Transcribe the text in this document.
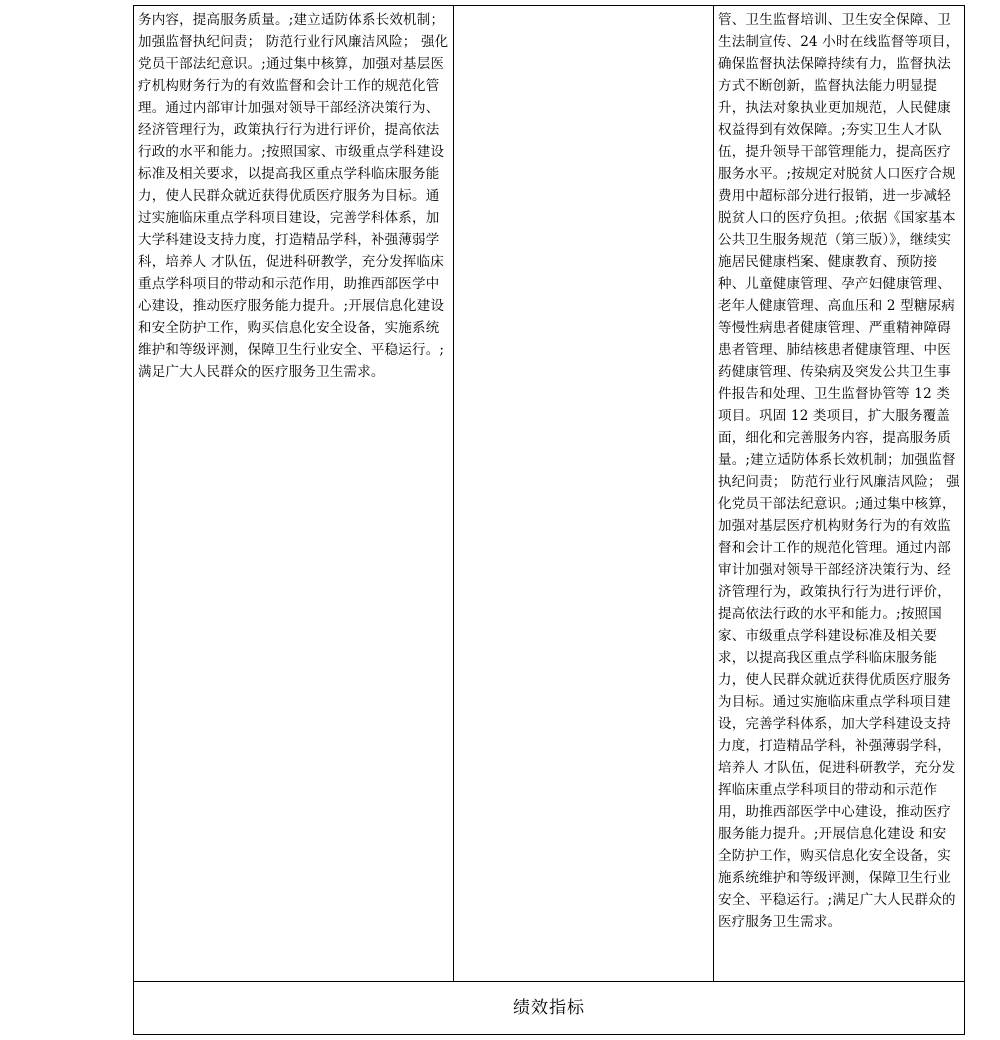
务内容，提高服务质量。;建立适防体系长效机制；加强监督执纪问责； 防范行业行风廉洁风险； 强化党员干部法纪意识。;通过集中核算，加强对基层医疗机构财务行为的有效监督和会计工作的规范化管理。通过内部审计加强对领导干部经济决策行为、经济管理行为，政策执行行为进行评价，提高依法行政的水平和能力。;按照国家、市级重点学科建设标准及相关要求，以提高我区重点学科临床服务能力，使人民群众就近获得优质医疗服务为目标。通过实施临床重点学科项目建设，完善学科体系，加大学科建设支持力度，打造精品学科，补强薄弱学科，培养人 才队伍，促进科研教学，充分发挥临床重点学科项目的带动和示范作用，助推西部医学中心建设，推动医疗服务能力提升。;开展信息化建设 和安全防护工作，购买信息化安全设备，实施系统维护和等级评测，保障卫生行业安全、平稳运行。;满足广大人民群众的医疗服务卫生需求。

管、卫生监督培训、卫生安全保障、卫生法制宣传、24 小时在线监督等项目，确保监督执法保障持续有力，监督执法方式不断创新，监督执法能力明显提升，执法对象执业更加规范，人民健康权益得到有效保障。;夯实卫生人才队伍，提升领导干部管理能力，提高医疗服务水平。;按规定对脱贫人口医疗合规费用中超标部分进行报销，进一步减轻脱贫人口的医疗负担。;依据《国家基本公共卫生服务规范（第三版）》，继续实施居民健康档案、健康教育、预防接种、儿童健康管理、孕产妇健康管理、老年人健康管理、高血压和 2 型糖尿病等慢性病患者健康管理、严重精神障碍患者管理、肺结核患者健康管理、中医药健康管理、传染病及突发公共卫生事件报告和处理、卫生监督协管等 12 类项目。巩固 12 类项目，扩大服务覆盖面，细化和完善服务内容，提高服务质量。;建立适防体系长效机制；加强监督执纪问责； 防范行业行风廉洁风险； 强化党员干部法纪意识。;通过集中核算，加强对基层医疗机构财务行为的有效监督和会计工作的规范化管理。通过内部审计加强对领导干部经济决策行为、经济管理行为，政策执行行为进行评价，提高依法行政的水平和能力。;按照国家、市级重点学科建设标准及相关要求，以提高我区重点学科临床服务能力，使人民群众就近获得优质医疗服务为目标。通过实施临床重点学科项目建设，完善学科体系，加大学科建设支持力度，打造精品学科，补强薄弱学科，培养人 才队伍，促进科研教学，充分发挥临床重点学科项目的带动和示范作用，助推西部医学中心建设，推动医疗服务能力提升。;开展信息化建设 和安全防护工作，购买信息化安全设备，实施系统维护和等级评测，保障卫生行业安全、平稳运行。;满足广大人民群众的医疗服务卫生需求。

绩效指标
